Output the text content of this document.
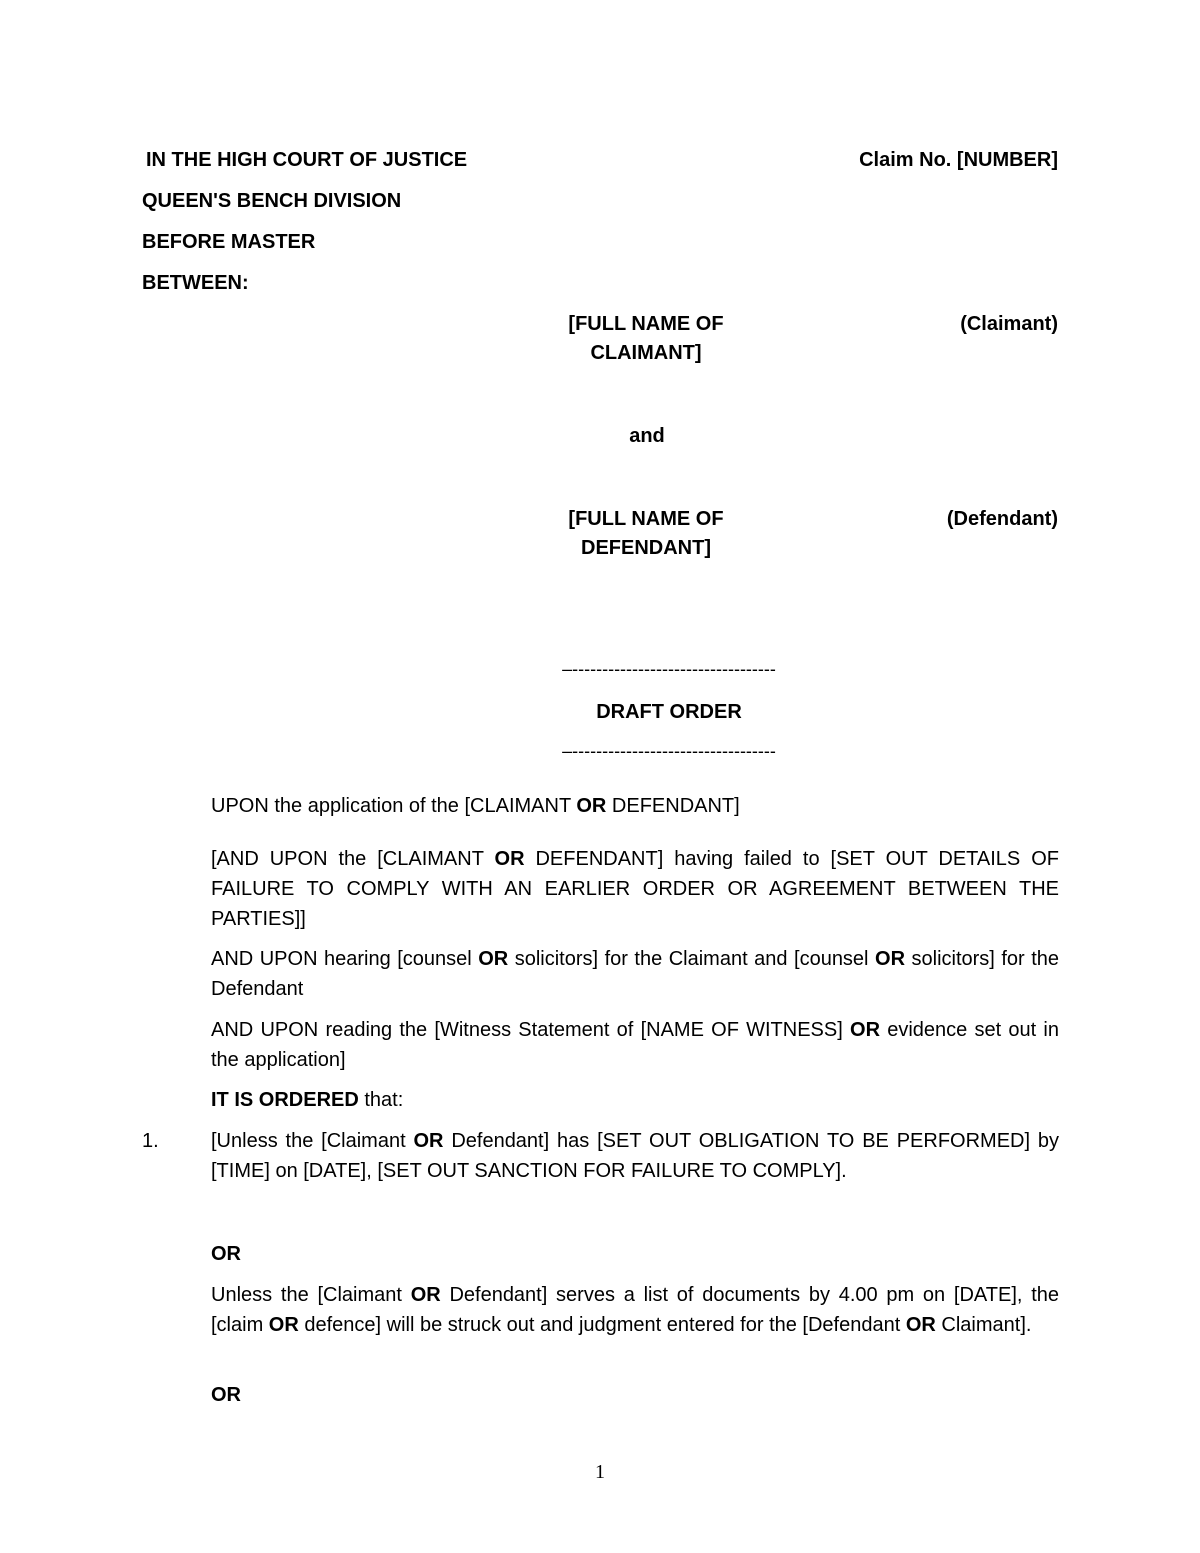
IN THE HIGH COURT OF JUSTICE	Claim No. [NUMBER]
QUEEN'S BENCH DIVISION
BEFORE MASTER
BETWEEN:
[FULL NAME OF
CLAIMANT]
(Claimant)
and
[FULL NAME OF
DEFENDANT]
(Defendant)
–----------------------------------
DRAFT ORDER
–----------------------------------
UPON the application of the [CLAIMANT OR DEFENDANT]
[AND UPON the [CLAIMANT OR DEFENDANT] having failed to [SET OUT DETAILS OF FAILURE TO COMPLY WITH AN EARLIER ORDER OR AGREEMENT BETWEEN THE PARTIES]]
AND UPON hearing [counsel OR solicitors] for the Claimant and [counsel OR solicitors] for the Defendant
AND UPON reading the [Witness Statement of [NAME OF WITNESS] OR evidence set out in the application]
IT IS ORDERED that:
1.	[Unless the [Claimant OR Defendant] has [SET OUT OBLIGATION TO BE PERFORMED] by [TIME] on [DATE], [SET OUT SANCTION FOR FAILURE TO COMPLY].
OR
Unless the [Claimant OR Defendant] serves a list of documents by 4.00 pm on [DATE], the [claim OR defence] will be struck out and judgment entered for the [Defendant OR Claimant].
OR
1
